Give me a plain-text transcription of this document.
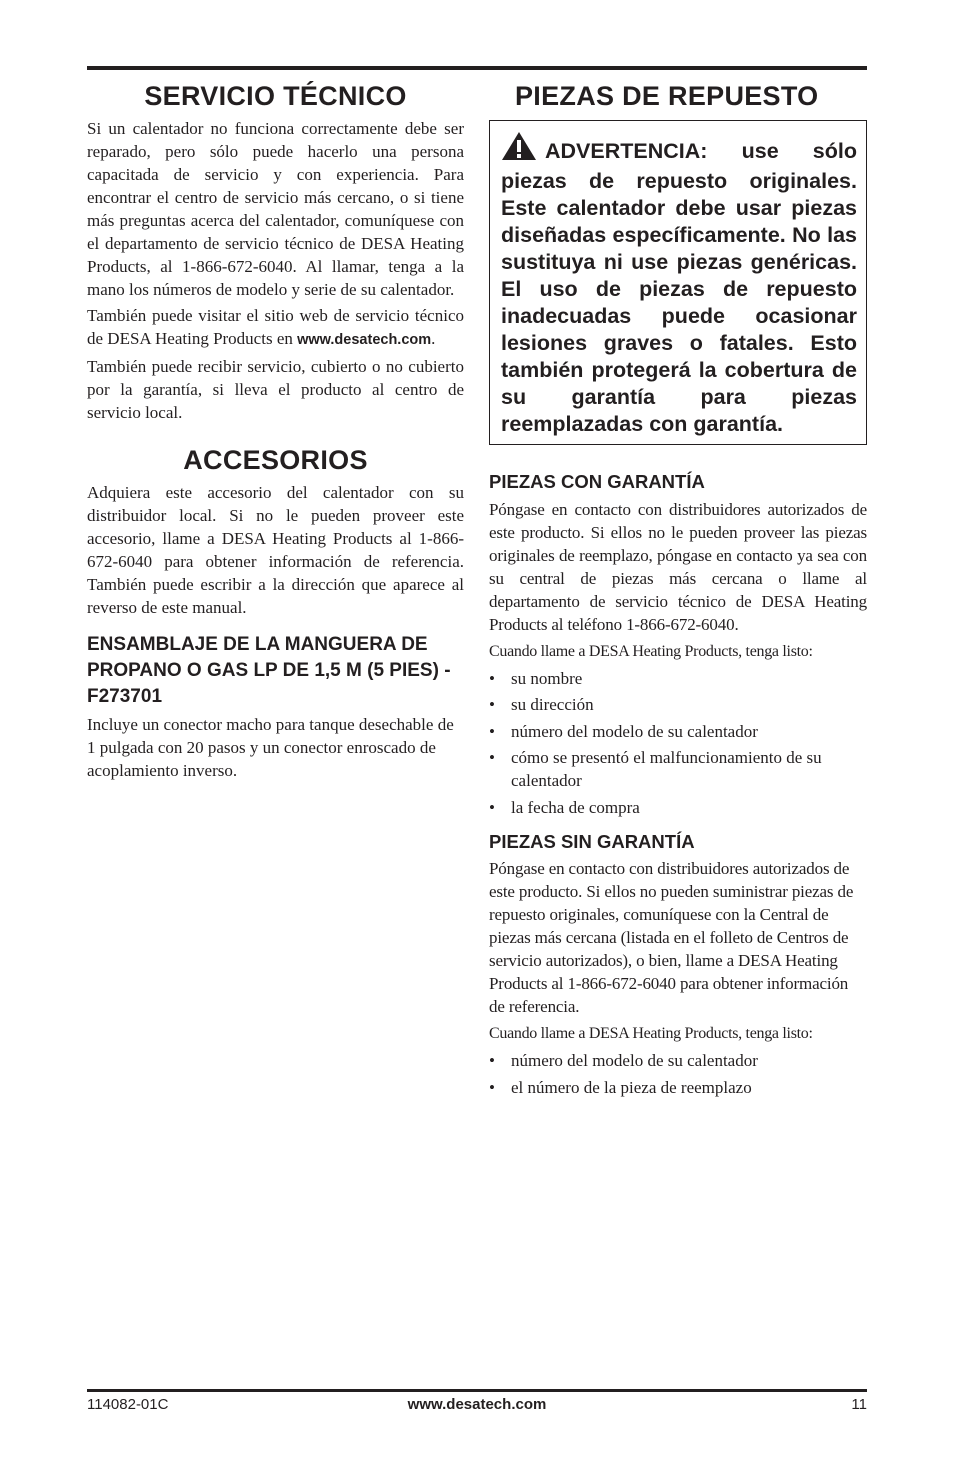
SERVICIO TÉCNICO

Si un calentador no funciona correctamente debe ser reparado, pero sólo puede hacerlo una persona capacitada de servicio y con experiencia. Para encontrar el centro de servicio más cercano, o si tiene más preguntas acerca del calentador, comuníquese con el departamento de servicio técnico de DESA Heating Products, al 1-866-672-6040. Al llamar, tenga a la mano los números de modelo y serie de su calentador.

También puede visitar el sitio web de servicio técnico de DESA Heating Products en www.desatech.com.

También puede recibir servicio, cubierto o no cubierto por la garantía, si lleva el producto al centro de servicio local.

ACCESORIOS

Adquiera este accesorio del calentador con su distribuidor local. Si no le pueden proveer este accesorio, llame a DESA Heating Products al 1-866-672-6040 para obtener información de referencia. También puede escribir a la dirección que aparece al reverso de este manual.

ENSAMBLAJE DE LA MANGUERA DE PROPANO O GAS LP DE 1,5 M (5 PIES) - F273701

Incluye un conector macho para tanque desechable de 1 pulgada con 20 pasos y un conector enroscado de acoplamiento inverso.

PIEZAS DE REPUESTO

ADVERTENCIA: use sólo piezas de repuesto originales. Este calentador debe usar piezas diseñadas específicamente. No las sustituya ni use piezas genéricas. El uso de piezas de repuesto inadecuadas puede ocasionar lesiones graves o fatales. Esto también protegerá la cobertura de su garantía para piezas reemplazadas con garantía.

PIEZAS CON GARANTÍA

Póngase en contacto con distribuidores autorizados de este producto. Si ellos no le pueden proveer las piezas originales de reemplazo, póngase en contacto ya sea con su central de piezas más cercana o llame al departamento de servicio técnico de DESA Heating Products al teléfono 1-866-672-6040.

Cuando llame a DESA Heating Products, tenga listo:

• su nombre
• su dirección
• número del modelo de su calentador
• cómo se presentó el malfuncionamiento de su calentador
• la fecha de compra
PIEZAS SIN GARANTÍA

Póngase en contacto con distribuidores autorizados de este producto. Si ellos no pueden suministrar piezas de repuesto originales, comuníquese con la Central de piezas más cercana (listada en el folleto de Centros de servicio autorizados), o bien, llame a DESA Heating Products al 1-866-672-6040 para obtener información de referencia.

Cuando llame a DESA Heating Products, tenga listo:

• número del modelo de su calentador
• el número de la pieza de reemplazo
114082-01C	www.desatech.com	11
